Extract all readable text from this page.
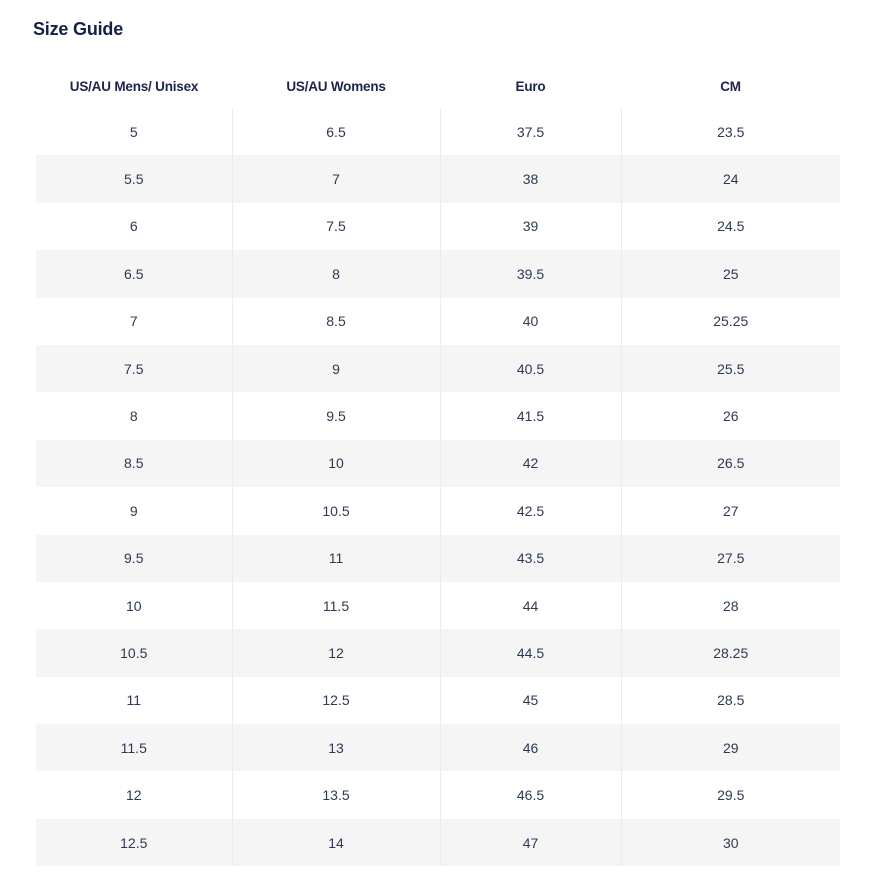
Size Guide
US/AU Mens/ Unisex	US/AU Womens	Euro	CM
5	6.5	37.5	23.5
5.5	7	38	24
6	7.5	39	24.5
6.5	8	39.5	25
7	8.5	40	25.25
7.5	9	40.5	25.5
8	9.5	41.5	26
8.5	10	42	26.5
9	10.5	42.5	27
9.5	11	43.5	27.5
10	11.5	44	28
10.5	12	44.5	28.25
11	12.5	45	28.5
11.5	13	46	29
12	13.5	46.5	29.5
12.5	14	47	30
